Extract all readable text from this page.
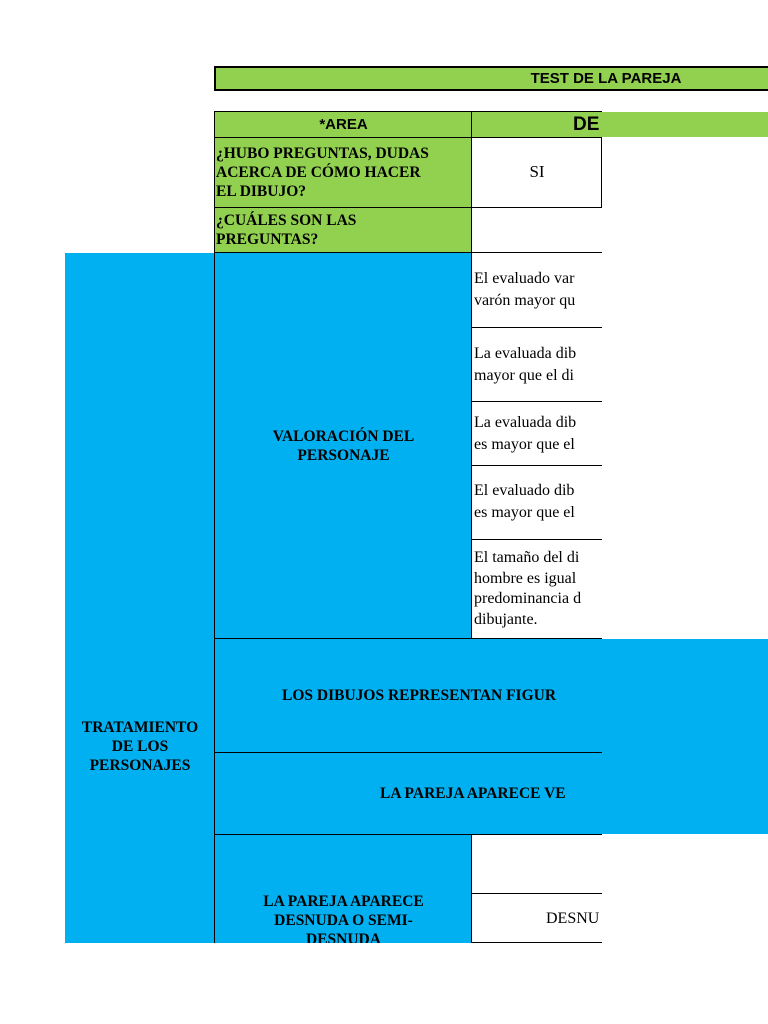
TEST DE LA PAREJA
*AREA	DE
¿HUBO PREGUNTAS, DUDAS
ACERCA DE CÓMO HACER
EL DIBUJO?
SI
¿CUÁLES SON LAS
PREGUNTAS?
TRATAMIENTO
DE LOS
PERSONAJES
VALORACIÓN DEL
PERSONAJE
El evaluado var
varón mayor qu
La evaluada dib
mayor que el di
La evaluada dib
es mayor que el
El evaluado dib
es mayor que el
El tamaño del di
hombre es igual
predominancia d
dibujante.
LOS DIBUJOS REPRESENTAN FIGUR
LA PAREJA APARECE VE
LA PAREJA APARECE
DESNUDA O SEMI-
DESNUDA
DESNU
